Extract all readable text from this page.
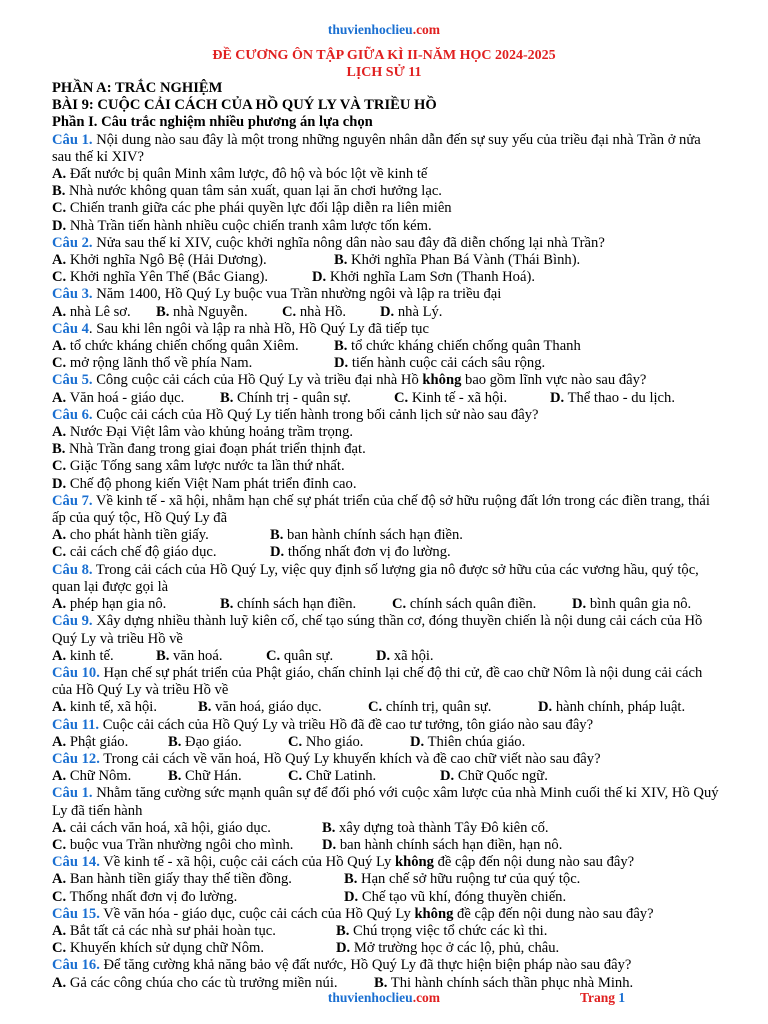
thuvienhoclieu.com
ĐỀ CƯƠNG ÔN TẬP GIỮA KÌ II-NĂM HỌC 2024-2025
LỊCH SỬ 11
PHẦN A: TRẮC NGHIỆM
BÀI 9: CUỘC CẢI CÁCH CỦA HỒ QUÝ LY VÀ TRIỀU HỒ
Phần I. Câu trắc nghiệm nhiều phương án lựa chọn
Câu 1. Nội dung nào sau đây là một trong những nguyên nhân dẫn đến sự suy yếu của triều đại nhà Trần ở nửa sau thế kỉ XIV?
A. Đất nước bị quân Minh xâm lược, đô hộ và bóc lột về kinh tế
B. Nhà nước không quan tâm sản xuất, quan lại ăn chơi hưởng lạc.
C. Chiến tranh giữa các phe phái quyền lực đối lập diễn ra liên miên
D. Nhà Trần tiến hành nhiều cuộc chiến tranh xâm lược tốn kém.
Câu 2. Nửa sau thế kỉ XIV, cuộc khởi nghĩa nông dân nào sau đây đã diễn chống lại nhà Trần?
A. Khởi nghĩa Ngô Bệ (Hải Dương).	B. Khởi nghĩa Phan Bá Vành (Thái Bình).
C. Khởi nghĩa Yên Thế (Bắc Giang).	D. Khởi nghĩa Lam Sơn (Thanh Hoá).
Câu 3. Năm 1400, Hồ Quý Ly buộc vua Trần nhường ngôi và lập ra triều đại
A. nhà Lê sơ.	B. nhà Nguyễn.	C. nhà Hồ.	D. nhà Lý.
Câu 4. Sau khi lên ngôi và lập ra nhà Hồ, Hồ Quý Ly đã tiếp tục
A. tổ chức kháng chiến chống quân Xiêm.	B. tổ chức kháng chiến chống quân Thanh
C. mở rộng lãnh thổ về phía Nam.	D. tiến hành cuộc cải cách sâu rộng.
Câu 5. Công cuộc cải cách của Hồ Quý Ly và triều đại nhà Hồ không bao gồm lĩnh vực nào sau đây?
A. Văn hoá - giáo dục.	B. Chính trị - quân sự.	C. Kinh tế - xã hội.	D. Thể thao - du lịch.
Câu 6. Cuộc cải cách của Hồ Quý Ly tiến hành trong bối cảnh lịch sử nào sau đây?
A. Nước Đại Việt lâm vào khủng hoảng trầm trọng.
B. Nhà Trần đang trong giai đoạn phát triển thịnh đạt.
C. Giặc Tống sang xâm lược nước ta lần thứ nhất.
D. Chế độ phong kiến Việt Nam phát triển đỉnh cao.
Câu 7. Về kinh tế - xã hội, nhằm hạn chế sự phát triển của chế độ sở hữu ruộng đất lớn trong các điền trang, thái ấp của quý tộc, Hồ Quý Ly đã
A. cho phát hành tiền giấy.	B. ban hành chính sách hạn điền.
C. cải cách chế độ giáo dục.	D. thống nhất đơn vị đo lường.
Câu 8. Trong cải cách của Hồ Quý Ly, việc quy định số lượng gia nô được sở hữu của các vương hầu, quý tộc, quan lại được gọi là
A. phép hạn gia nô.	B. chính sách hạn điền.	C. chính sách quân điền.	D. bình quân gia nô.
Câu 9. Xây dựng nhiều thành luỹ kiên cố, chế tạo súng thần cơ, đóng thuyền chiến là nội dung cải cách của Hồ Quý Ly và triều Hồ về
A. kinh tế.	B. văn hoá.	C. quân sự.	D. xã hội.
Câu 10. Hạn chế sự phát triển của Phật giáo, chấn chỉnh lại chế độ thi cử, đề cao chữ Nôm là nội dung cải cách của Hồ Quý Ly và triều Hồ về
A. kinh tế, xã hội.	B. văn hoá, giáo dục.	C. chính trị, quân sự.	D. hành chính, pháp luật.
Câu 11. Cuộc cải cách của Hồ Quý Ly và triều Hồ đã đề cao tư tưởng, tôn giáo nào sau đây?
A. Phật giáo.	B. Đạo giáo.	C. Nho giáo.	D. Thiên chúa giáo.
Câu 12. Trong cải cách về văn hoá, Hồ Quý Ly khuyến khích và đề cao chữ viết nào sau đây?
A. Chữ Nôm.	B. Chữ Hán.	C. Chữ Latinh.	D. Chữ Quốc ngữ.
Câu 1. Nhằm tăng cường sức mạnh quân sự để đối phó với cuộc xâm lược của nhà Minh cuối thế kỉ XIV, Hồ Quý Ly đã tiến hành
A. cải cách văn hoá, xã hội, giáo dục.	B. xây dựng toà thành Tây Đô kiên cố.
C. buộc vua Trần nhường ngôi cho mình.	D. ban hành chính sách hạn điền, hạn nô.
Câu 14. Về kinh tế - xã hội, cuộc cải cách của Hồ Quý Ly không đề cập đến nội dung nào sau đây?
A. Ban hành tiền giấy thay thế tiền đồng.	B. Hạn chế sở hữu ruộng tư của quý tộc.
C. Thống nhất đơn vị đo lường.	D. Chế tạo vũ khí, đóng thuyền chiến.
Câu 15. Về văn hóa - giáo dục, cuộc cải cách của Hồ Quý Ly không đề cập đến nội dung nào sau đây?
A. Bắt tất cả các nhà sư phải hoàn tục.	B. Chú trọng việc tổ chức các kì thi.
C. Khuyến khích sử dụng chữ Nôm.	D. Mở trường học ở các lộ, phủ, châu.
Câu 16. Để tăng cường khả năng bảo vệ đất nước, Hồ Quý Ly đã thực hiện biện pháp nào sau đây?
A. Gả các công chúa cho các tù trưởng miền núi.	B. Thi hành chính sách thần phục nhà Minh.
thuvienhoclieu.com	Trang 1
